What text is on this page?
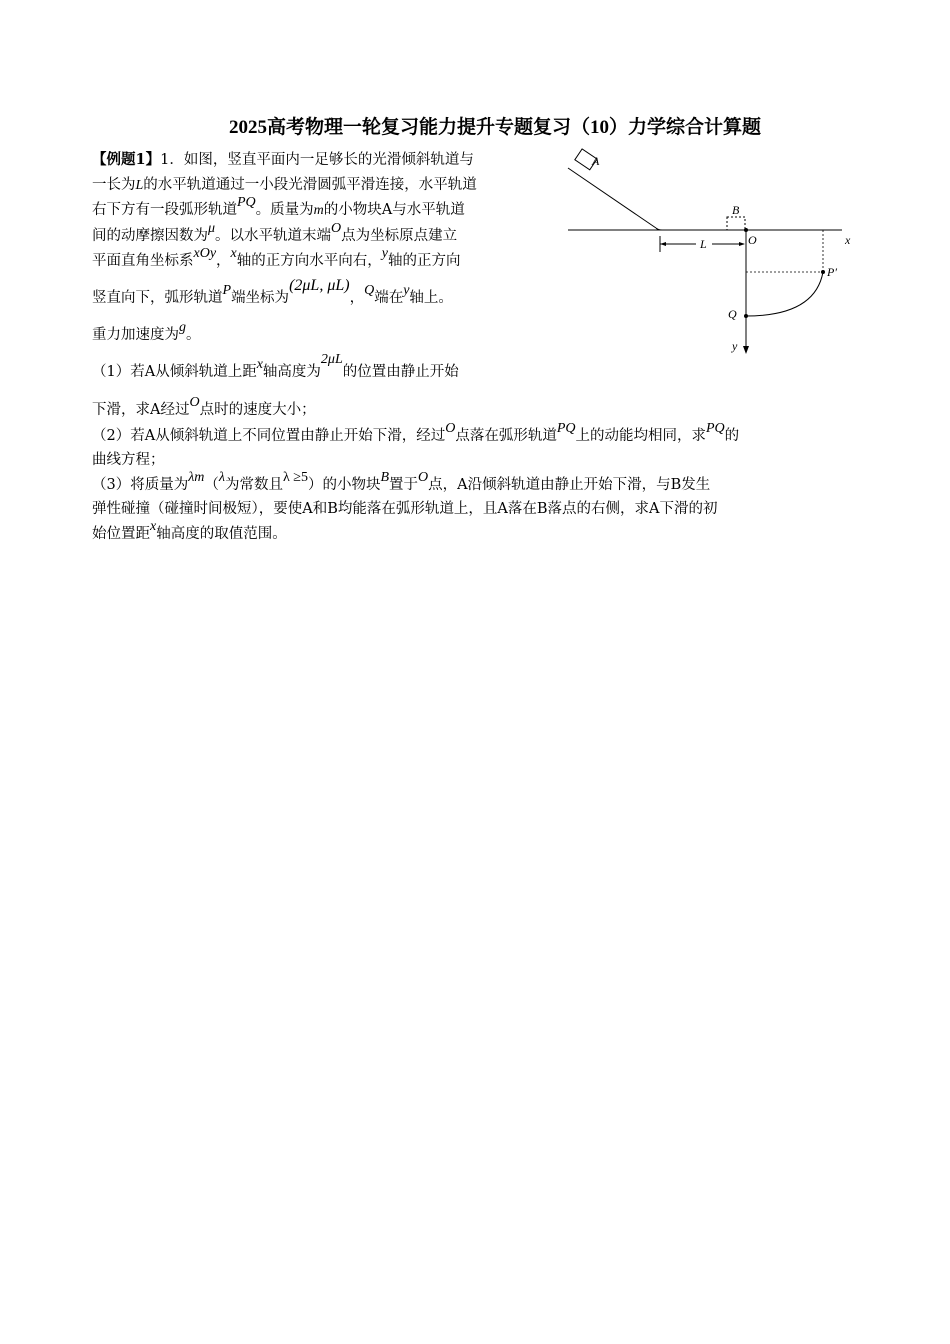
2025高考物理一轮复习能力提升专题复习（10）力学综合计算题
【例题1】1．如图，竖直平面内一足够长的光滑倾斜轨道与
一长为L的水平轨道通过一小段光滑圆弧平滑连接，水平轨道
右下方有一段弧形轨道PQ。质量为m的小物块A与水平轨道
间的动摩擦因数为μ。以水平轨道末端O点为坐标原点建立
平面直角坐标系xOy，x轴的正方向水平向右，y轴的正方向
竖直向下，弧形轨道P端坐标为(2μL, μL)，Q端在y轴上。
重力加速度为g。
（1）若A从倾斜轨道上距x轴高度为2μL的位置由静止开始
下滑，求A经过O点时的速度大小；
（2）若A从倾斜轨道上不同位置由静止开始下滑，经过O点落在弧形轨道PQ上的动能均相同，求PQ的
曲线方程；
（3）将质量为λm（λ为常数且λ ≥5）的小物块B置于O点，A沿倾斜轨道由静止开始下滑，与B发生
弹性碰撞（碰撞时间极短），要使A和B均能落在弧形轨道上，且A落在B落点的右侧，求A下滑的初
始位置距x轴高度的取值范围。
A
B
L	O	x
y
P′
Q
